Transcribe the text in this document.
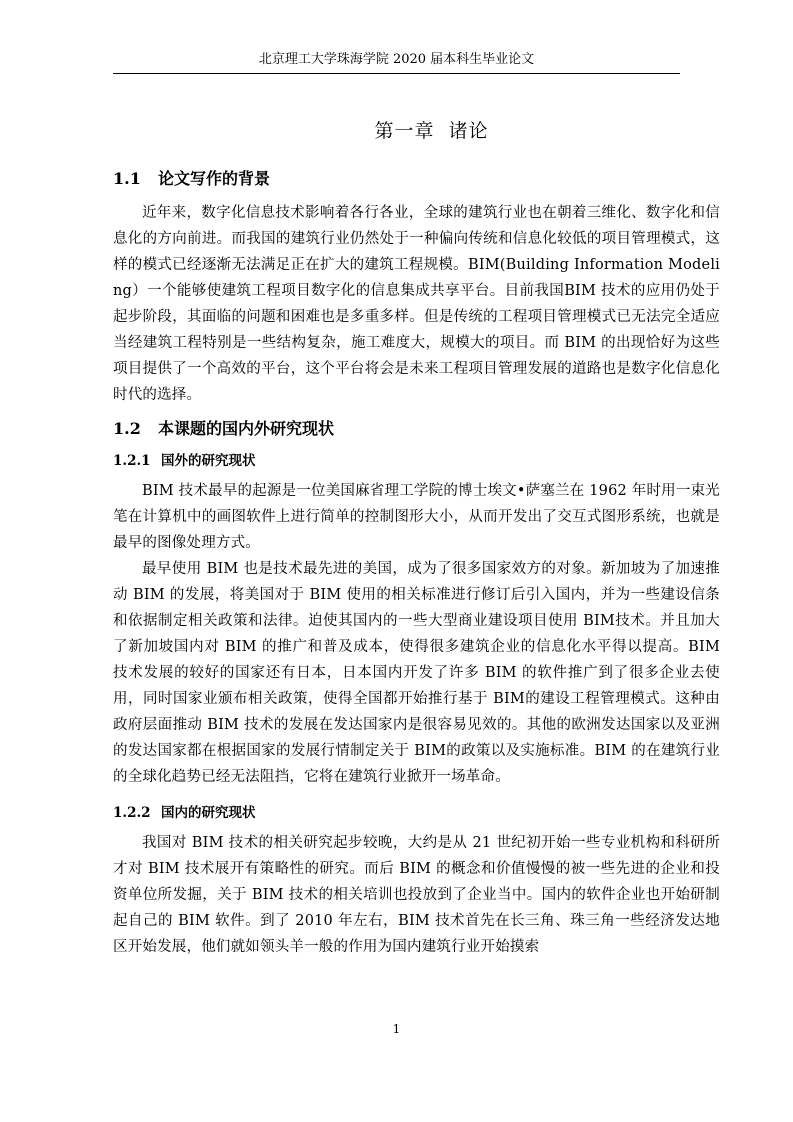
北京理工大学珠海学院 2020 届本科生毕业论文
第一章 诸论
1.1 论文写作的背景

近年来，数字化信息技术影响着各行各业，全球的建筑行业也在朝着三维化、数字化和信息化的方向前进。而我国的建筑行业仍然处于一种偏向传统和信息化较低的项目管理模式，这样的模式已经逐渐无法满足正在扩大的建筑工程规模。BIM(Building Information Modeling）一个能够使建筑工程项目数字化的信息集成共享平台。目前我国BIM 技术的应用仍处于起步阶段，其面临的问题和困难也是多重多样。但是传统的工程项目管理模式已无法完全适应当经建筑工程特别是一些结构复杂，施工难度大，规模大的项目。而 BIM 的出现恰好为这些项目提供了一个高效的平台，这个平台将会是未来工程项目管理发展的道路也是数字化信息化时代的选择。

1.2 本课题的国内外研究现状
1.2.1 国外的研究现状

BIM 技术最早的起源是一位美国麻省理工学院的博士埃文•萨塞兰在 1962 年时用一束光笔在计算机中的画图软件上进行简单的控制图形大小，从而开发出了交互式图形系统，也就是最早的图像处理方式。

最早使用 BIM 也是技术最先进的美国，成为了很多国家效方的对象。新加坡为了加速推动 BIM 的发展，将美国对于 BIM 使用的相关标准进行修订后引入国内，并为一些建设信条和依据制定相关政策和法律。迫使其国内的一些大型商业建设项目使用 BIM技术。并且加大了新加坡国内对 BIM 的推广和普及成本，使得很多建筑企业的信息化水平得以提高。BIM 技术发展的较好的国家还有日本，日本国内开发了许多 BIM 的软件推广到了很多企业去使用，同时国家业颁布相关政策，使得全国都开始推行基于 BIM的建设工程管理模式。这种由政府层面推动 BIM 技术的发展在发达国家内是很容易见效的。其他的欧洲发达国家以及亚洲的发达国家都在根据国家的发展行情制定关于 BIM的政策以及实施标准。BIM 的在建筑行业的全球化趋势已经无法阻挡，它将在建筑行业掀开一场革命。

1.2.2 国内的研究现状

我国对 BIM 技术的相关研究起步较晚，大约是从 21 世纪初开始一些专业机构和科研所才对 BIM 技术展开有策略性的研究。而后 BIM 的概念和价值慢慢的被一些先进的企业和投资单位所发掘，关于 BIM 技术的相关培训也投放到了企业当中。国内的软件企业也开始研制起自己的 BIM 软件。到了 2010 年左右，BIM 技术首先在长三角、珠三角一些经济发达地区开始发展，他们就如领头羊一般的作用为国内建筑行业开始摸索

1
